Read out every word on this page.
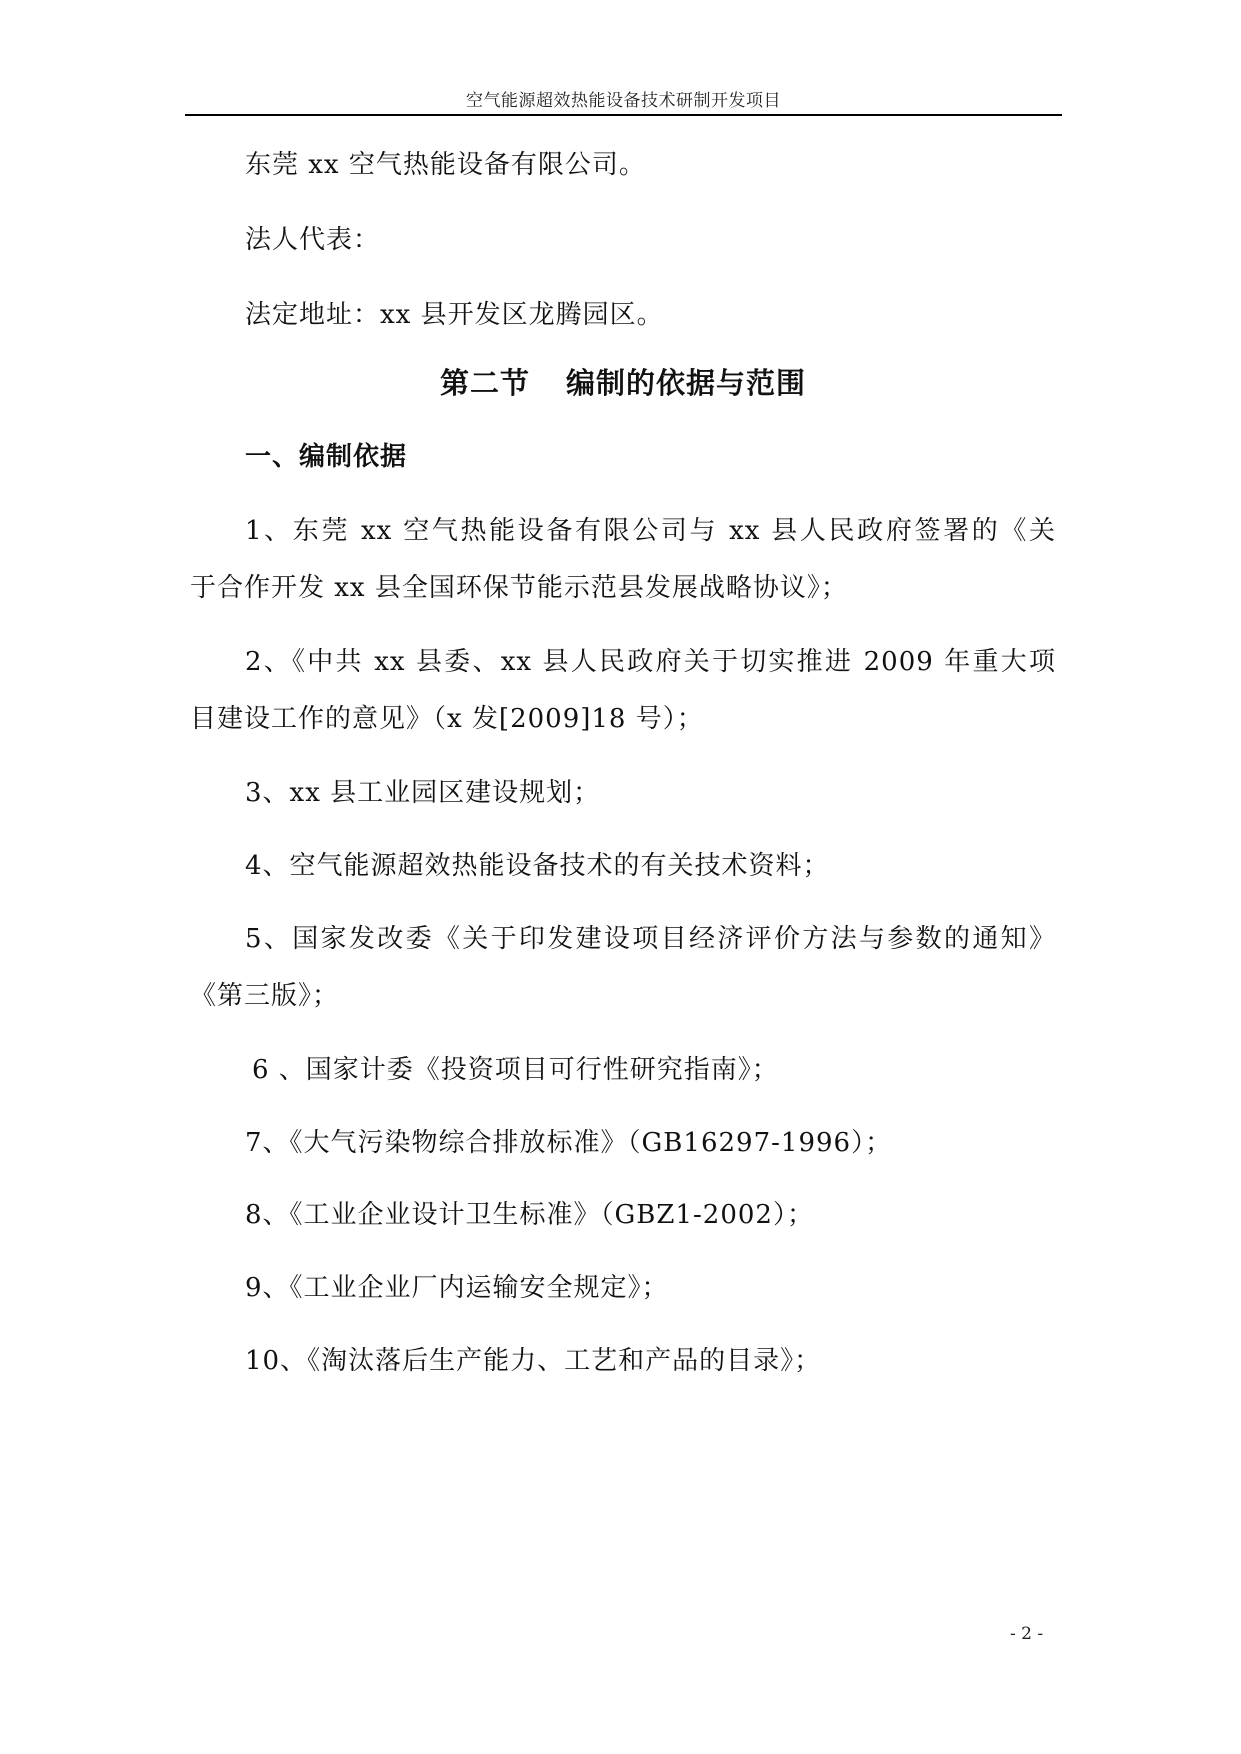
空气能源超效热能设备技术研制开发项目
东莞 xx 空气热能设备有限公司。
法人代表：
法定地址：xx 县开发区龙腾园区。
第二节 编制的依据与范围
一、编制依据
1、东莞 xx 空气热能设备有限公司与 xx 县人民政府签署的《关
于合作开发 xx 县全国环保节能示范县发展战略协议》；
2、《中共 xx 县委、xx 县人民政府关于切实推进 2009 年重大项
目建设工作的意见》（x 发[2009]18 号）；
3、xx 县工业园区建设规划；
4、空气能源超效热能设备技术的有关技术资料；
5、国家发改委《关于印发建设项目经济评价方法与参数的通知》
《第三版》；
6 、国家计委《投资项目可行性研究指南》；
7、《大气污染物综合排放标准》（GB16297-1996）；
8、《工业企业设计卫生标准》（GBZ1-2002）；
9、《工业企业厂内运输安全规定》；
10、《淘汰落后生产能力、工艺和产品的目录》；
- 2 -
